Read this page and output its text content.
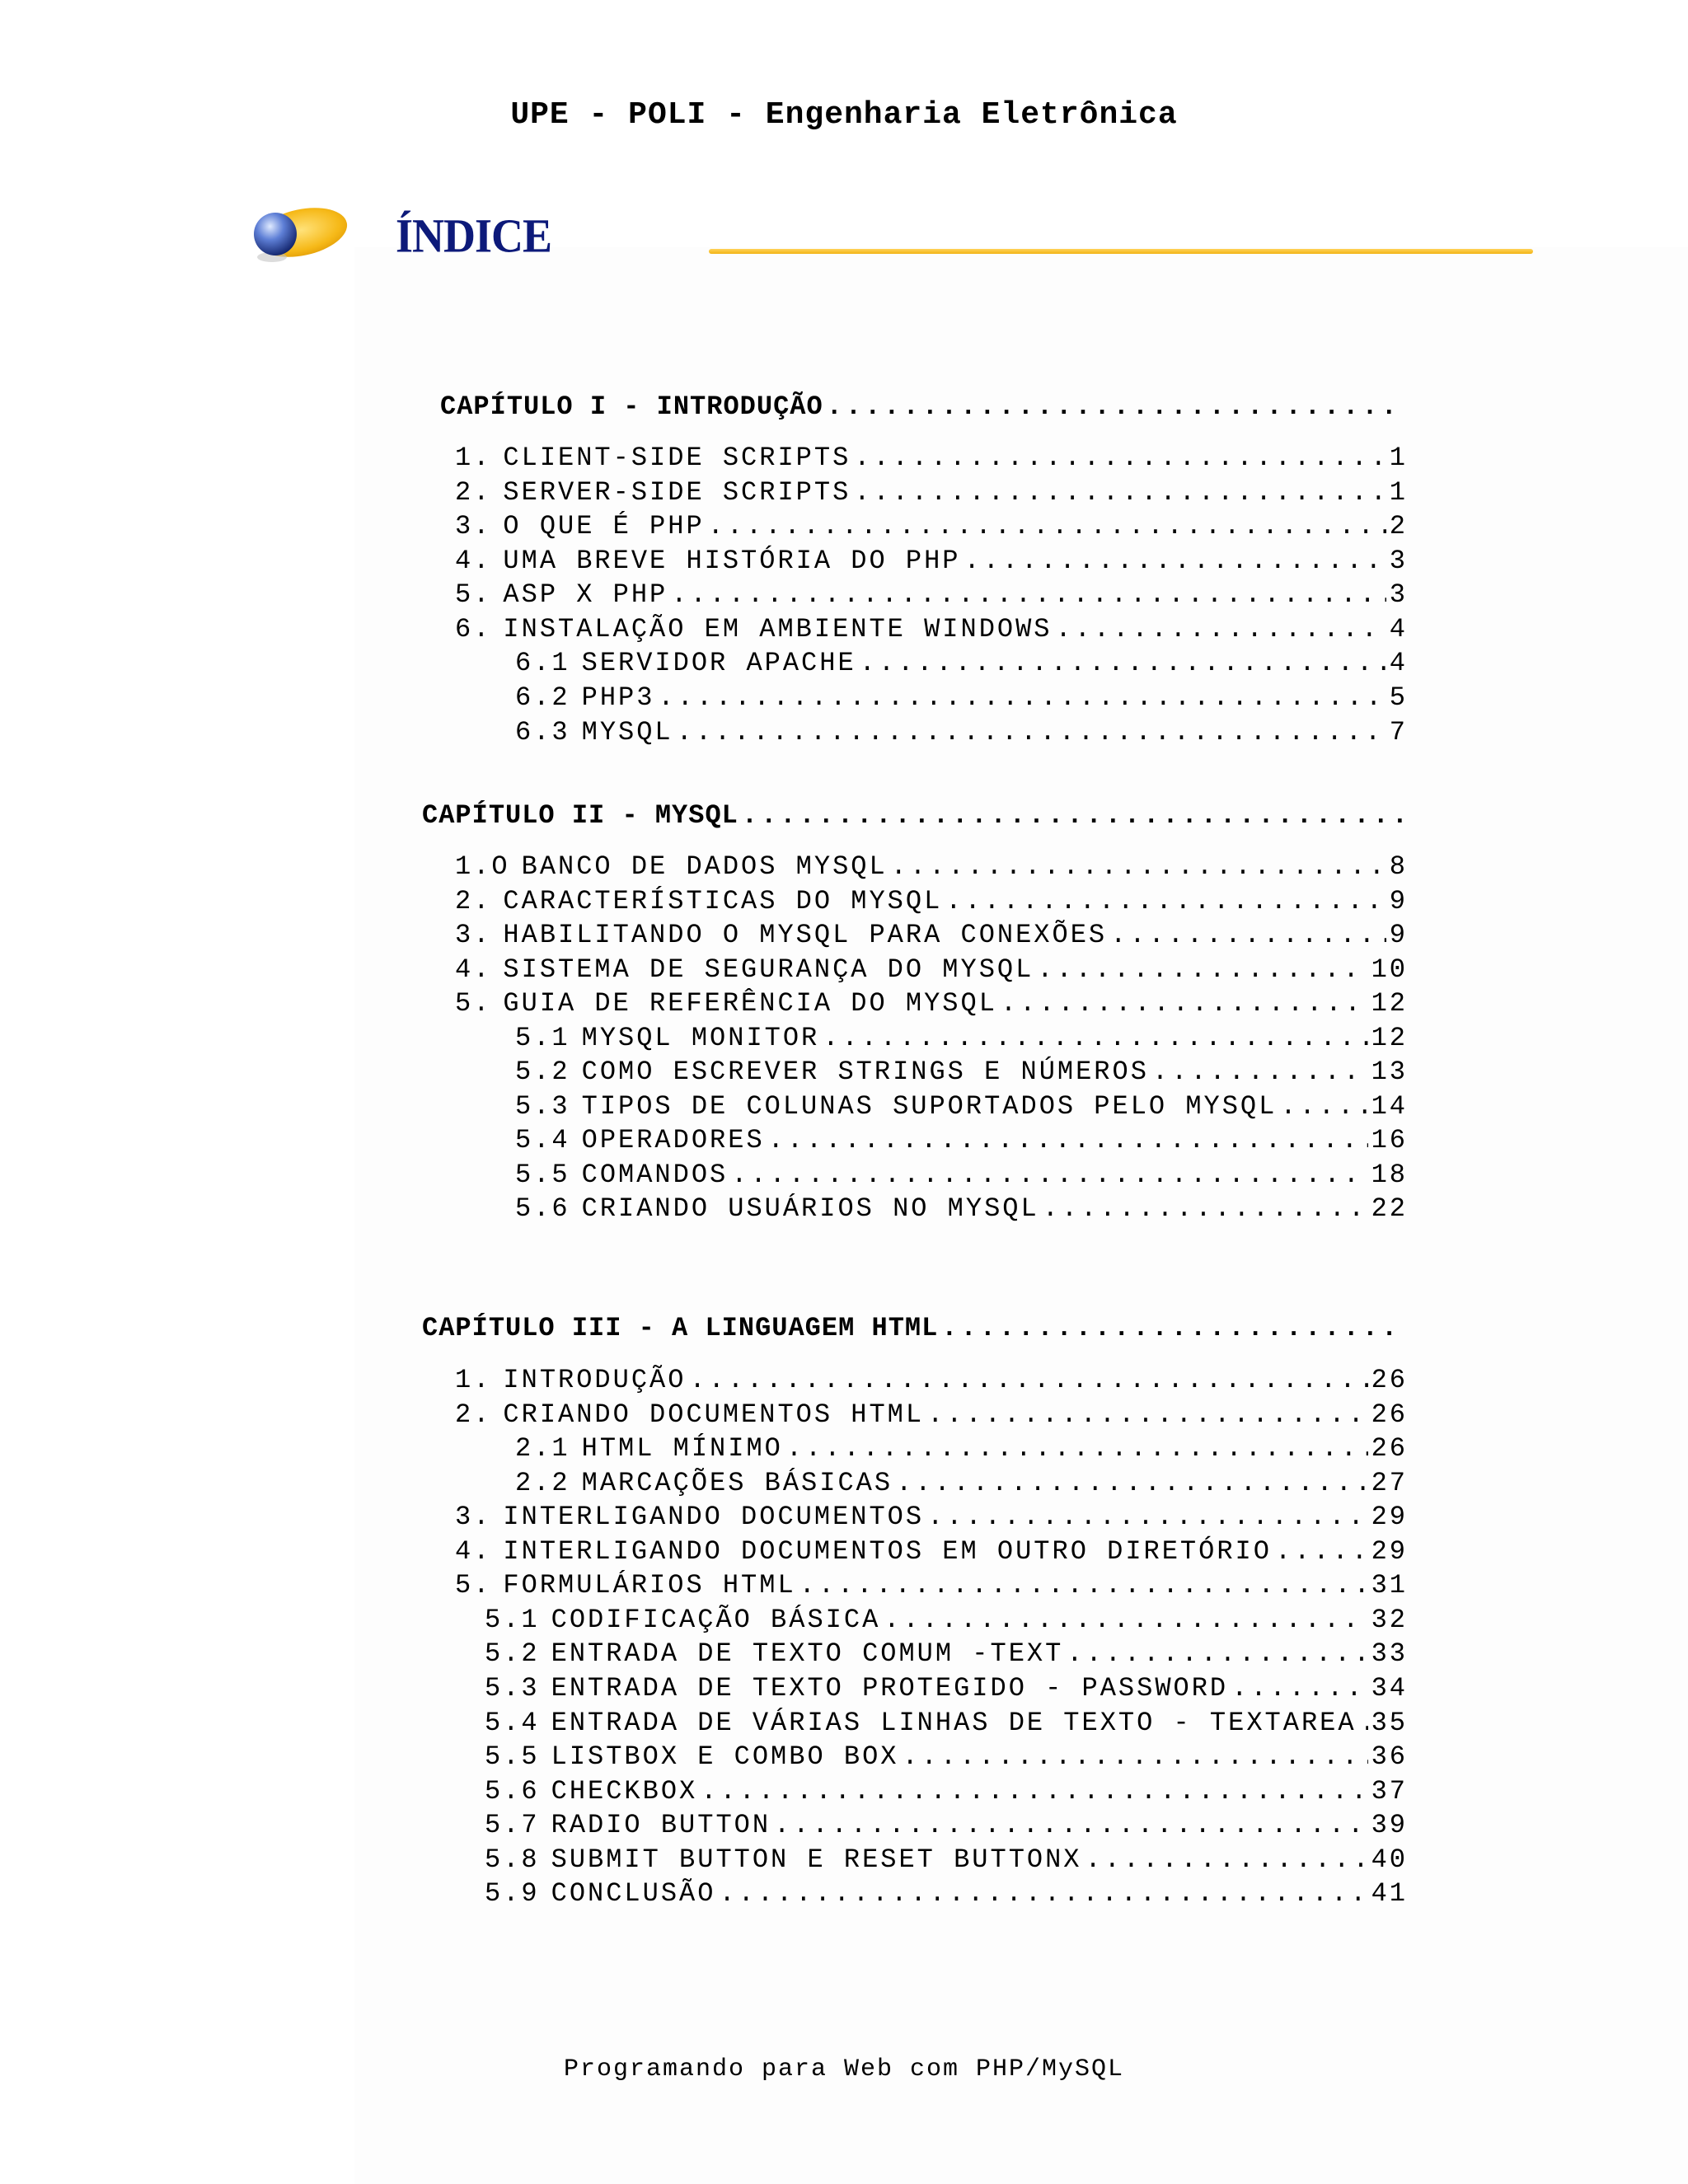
UPE - POLI - Engenharia Eletrônica
ÍNDICE
CAPÍTULO I - INTRODUÇÃO
.....
1. CLIENT-SIDE SCRIPTS .....	1
2. SERVER-SIDE SCRIPTS .....	1
3. O QUE É PHP .....	2
4. UMA BREVE HISTÓRIA DO PHP .....	3
5. ASP X PHP .....	3
6. INSTALAÇÃO EM AMBIENTE WINDOWS .....	4
6.1 SERVIDOR APACHE .....	4
6.2 PHP3 .....	5
6.3 MYSQL .....	7
CAPÍTULO II - MYSQL
.....
1.O BANCO DE DADOS MYSQL .....	8
2. CARACTERÍSTICAS DO MYSQL .....	9
3. HABILITANDO O MYSQL PARA CONEXÕES .....	9
4. SISTEMA DE SEGURANÇA DO MYSQL .....	10
5. GUIA DE REFERÊNCIA DO MYSQL .....	12
5.1 MYSQL MONITOR .....	12
5.2 COMO ESCREVER STRINGS E NÚMEROS .....	13
5.3 TIPOS DE COLUNAS SUPORTADOS PELO MYSQL .....	14
5.4 OPERADORES .....	16
5.5 COMANDOS .....	18
5.6 CRIANDO USUÁRIOS NO MYSQL .....	22
CAPÍTULO III - A LINGUAGEM HTML
.....
1. INTRODUÇÃO .....	26
2. CRIANDO DOCUMENTOS HTML .....	26
2.1 HTML MÍNIMO .....	26
2.2 MARCAÇÕES BÁSICAS .....	27
3. INTERLIGANDO DOCUMENTOS .....	29
4. INTERLIGANDO DOCUMENTOS EM OUTRO DIRETÓRIO .....	29
5. FORMULÁRIOS HTML .....	31
5.1 CODIFICAÇÃO BÁSICA .....	32
5.2 ENTRADA DE TEXTO COMUM -TEXT .....	33
5.3 ENTRADA DE TEXTO PROTEGIDO - PASSWORD .....	34
5.4 ENTRADA DE VÁRIAS LINHAS DE TEXTO - TEXTAREA ..... 35
5.5 LISTBOX E COMBO BOX .....	36
5.6 CHECKBOX .....	37
5.7 RADIO BUTTON .....	39
5.8 SUBMIT BUTTON E RESET BUTTONX .....	40
5.9 CONCLUSÃO .....	41
Programando para Web com PHP/MySQL
